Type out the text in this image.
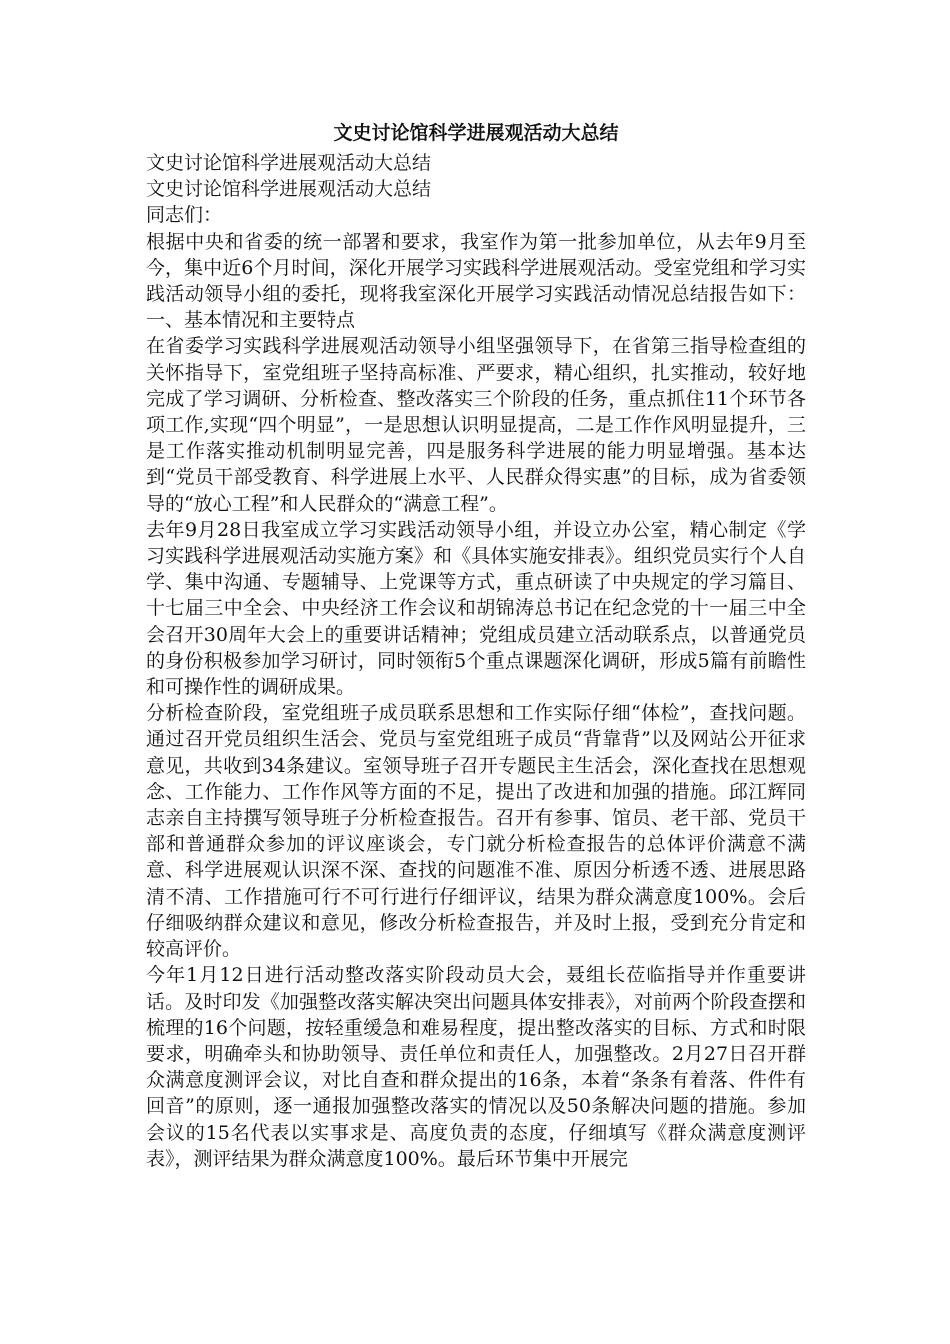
文史讨论馆科学进展观活动大总结

文史讨论馆科学进展观活动大总结

文史讨论馆科学进展观活动大总结

同志们：

根据中央和省委的统一部署和要求，我室作为第一批参加单位，从去年9月至今，集中近6个月时间，深化开展学习实践科学进展观活动。受室党组和学习实践活动领导小组的委托，现将我室深化开展学习实践活动情况总结报告如下：一、基本情况和主要特点

在省委学习实践科学进展观活动领导小组坚强领导下，在省第三指导检查组的关怀指导下，室党组班子坚持高标准、严要求，精心组织，扎实推动，较好地完成了学习调研、分析检查、整改落实三个阶段的任务，重点抓住11个环节各项工作,实现“四个明显”，一是思想认识明显提高，二是工作作风明显提升，三是工作落实推动机制明显完善，四是服务科学进展的能力明显增强。基本达到“党员干部受教育、科学进展上水平、人民群众得实惠”的目标，成为省委领导的“放心工程”和人民群众的“满意工程”。

去年9月28日我室成立学习实践活动领导小组，并设立办公室，精心制定《学习实践科学进展观活动实施方案》和《具体实施安排表》。组织党员实行个人自学、集中沟通、专题辅导、上党课等方式，重点研读了中央规定的学习篇目、十七届三中全会、中央经济工作会议和胡锦涛总书记在纪念党的十一届三中全会召开30周年大会上的重要讲话精神；党组成员建立活动联系点，以普通党员的身份积极参加学习研讨，同时领衔5个重点课题深化调研，形成5篇有前瞻性和可操作性的调研成果。

分析检查阶段，室党组班子成员联系思想和工作实际仔细“体检”，查找问题。通过召开党员组织生活会、党员与室党组班子成员“背靠背”以及网站公开征求意见，共收到34条建议。室领导班子召开专题民主生活会，深化查找在思想观念、工作能力、工作作风等方面的不足，提出了改进和加强的措施。邱江辉同志亲自主持撰写领导班子分析检查报告。召开有参事、馆员、老干部、党员干部和普通群众参加的评议座谈会，专门就分析检查报告的总体评价满意不满意、科学进展观认识深不深、查找的问题准不准、原因分析透不透、进展思路清不清、工作措施可行不可行进行仔细评议，结果为群众满意度100%。会后仔细吸纳群众建议和意见，修改分析检查报告，并及时上报，受到充分肯定和较高评价。

今年1月12日进行活动整改落实阶段动员大会，聂组长莅临指导并作重要讲话。及时印发《加强整改落实解决突出问题具体安排表》，对前两个阶段查摆和梳理的16个问题，按轻重缓急和难易程度，提出整改落实的目标、方式和时限要求，明确牵头和协助领导、责任单位和责任人，加强整改。2月27日召开群众满意度测评会议，对比自查和群众提出的16条，本着“条条有着落、件件有回音”的原则，逐一通报加强整改落实的情况以及50条解决问题的措施。参加会议的15名代表以实事求是、高度负责的态度，仔细填写《群众满意度测评表》，测评结果为群众满意度100%。最后环节集中开展完
